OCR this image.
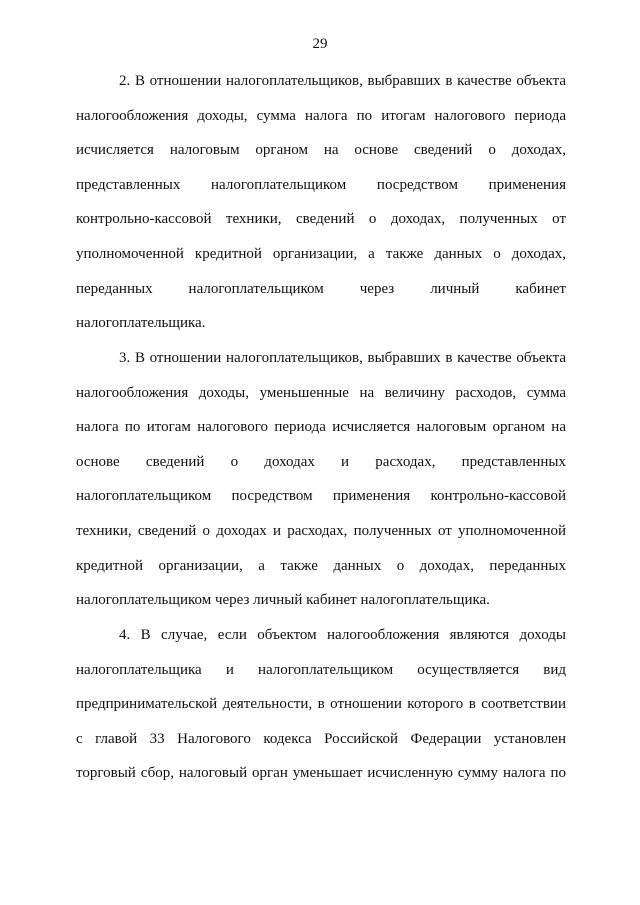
29
2. В отношении налогоплательщиков, выбравших в качестве объекта
налогообложения доходы, сумма налога по итогам налогового периода
исчисляется налоговым органом на основе сведений о доходах,
представленных налогоплательщиком посредством применения
контрольно-кассовой техники, сведений о доходах, полученных от
уполномоченной кредитной организации, а также данных о доходах,
переданных налогоплательщиком через личный кабинет
налогоплательщика.
3. В отношении налогоплательщиков, выбравших в качестве объекта
налогообложения доходы, уменьшенные на величину расходов, сумма
налога по итогам налогового периода исчисляется налоговым органом на
основе сведений о доходах и расходах, представленных
налогоплательщиком посредством применения контрольно-кассовой
техники, сведений о доходах и расходах, полученных от уполномоченной
кредитной организации, а также данных о доходах, переданных
налогоплательщиком через личный кабинет налогоплательщика.
4. В случае, если объектом налогообложения являются доходы
налогоплательщика и налогоплательщиком осуществляется вид
предпринимательской деятельности, в отношении которого в соответствии
с главой 33 Налогового кодекса Российской Федерации установлен
торговый сбор, налоговый орган уменьшает исчисленную сумму налога по
